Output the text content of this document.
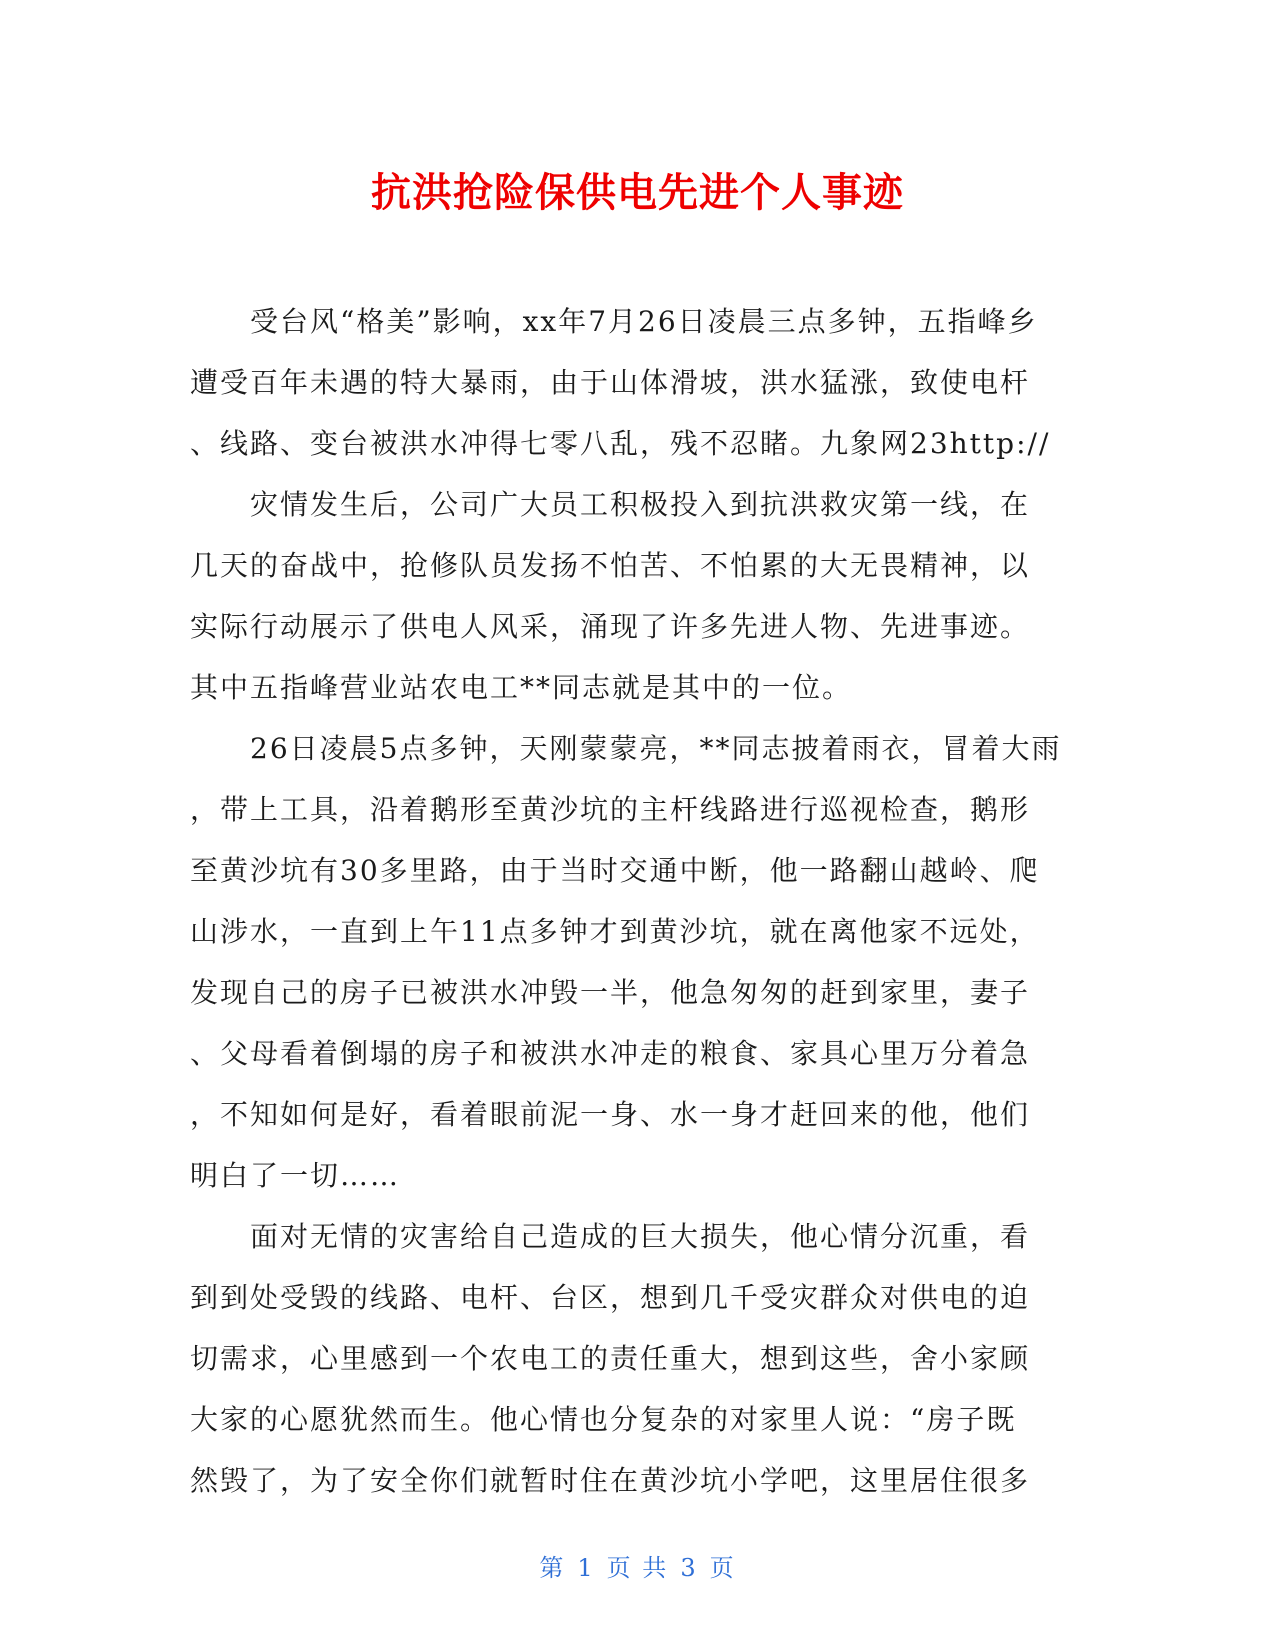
抗洪抢险保供电先进个人事迹
受台风“格美”影响，xx年7月26日凌晨三点多钟，五指峰乡
遭受百年未遇的特大暴雨，由于山体滑坡，洪水猛涨，致使电杆
、线路、变台被洪水冲得七零八乱，残不忍睹。九象网23http://
灾情发生后，公司广大员工积极投入到抗洪救灾第一线，在
几天的奋战中，抢修队员发扬不怕苦、不怕累的大无畏精神，以
实际行动展示了供电人风采，涌现了许多先进人物、先进事迹。
其中五指峰营业站农电工**同志就是其中的一位。
26日凌晨5点多钟，天刚蒙蒙亮，**同志披着雨衣，冒着大雨
，带上工具，沿着鹅形至黄沙坑的主杆线路进行巡视检查，鹅形
至黄沙坑有30多里路，由于当时交通中断，他一路翻山越岭、爬
山涉水，一直到上午11点多钟才到黄沙坑，就在离他家不远处，
发现自己的房子已被洪水冲毁一半，他急匆匆的赶到家里，妻子
、父母看着倒塌的房子和被洪水冲走的粮食、家具心里万分着急
，不知如何是好，看着眼前泥一身、水一身才赶回来的他，他们
明白了一切……
面对无情的灾害给自己造成的巨大损失，他心情分沉重，看
到到处受毁的线路、电杆、台区，想到几千受灾群众对供电的迫
切需求，心里感到一个农电工的责任重大，想到这些，舍小家顾
大家的心愿犹然而生。他心情也分复杂的对家里人说：“房子既
然毁了，为了安全你们就暂时住在黄沙坑小学吧，这里居住很多
第 1 页 共 3 页
